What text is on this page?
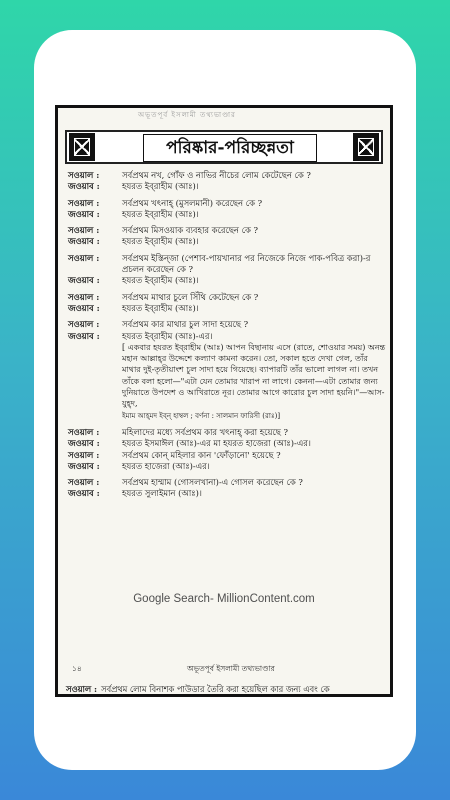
অভূতপূর্ব ইসলামী তথ্যভাণ্ডার
পরিষ্কার-পরিচ্ছন্নতা
সওয়াল :	সর্বপ্রথম নখ, গোঁফ ও নাভির নীচের লোম কেটেছেন কে ?
জওয়াব :	হযরত ইব্‌রাহীম (আঃ)।
সওয়াল :	সর্বপ্রথম খৎনাহ্ (মুসলমানী) করেছেন কে ?
জওয়াব :	হযরত ইব্‌রাহীম (আঃ)।
সওয়াল :	সর্বপ্রথম মিসওয়াক ব্যবহার করেছেন কে ?
জওয়াব :	হযরত ইব্‌রাহীম (আঃ)।
সওয়াল :	সর্বপ্রথম ইস্তিন্‌জা (পেশাব-পায়খানার পর নিজেকে নিজে পাক-পবিত্র করা)-র প্রচলন করেছেন কে ?
জওয়াব :	হযরত ইব্‌রাহীম (আঃ)।
সওয়াল :	সর্বপ্রথম মাথার চুলে সিঁথি কেটেছেন কে ?
জওয়াব :	হযরত ইব্‌রাহীম (আঃ)।
সওয়াল :	সর্বপ্রথম কার মাথার চুল সাদা হয়েছে ?
জওয়াব :	হযরত ইব্‌রাহীম (আঃ)-এর।
[ একবার হযরত ইব্‌রাহীম (আঃ) আপন বিছানায় এসে (রাতে, শোওয়ার সময়) অনন্ত মহান আল্লাহ্‌র উদ্দেশে কল্যাণ কামনা করেন। তো, সকাল হতে দেখা গেল, তাঁর মাথার দুই-তৃতীয়াংশ চুল সাদা হয়ে গিয়েছে। ব্যাপারটি তাঁর ভালো লাগল না। তখন তাঁকে বলা হলো—"এটা যেন তোমার খারাপ না লাগে। কেননা—এটা তোমার জন্য দুনিয়াতে উপদেশ ও আখিরাতে নূর। তোমার আগে কারোর চুল সাদা হয়নি।"—আস-যুহ্‌দ,
ইমাম আহ্‌মদ ইব্‌ন্ হাম্বল ; বর্ণনা : সালমান ফারিসী (রাঃ)]
সওয়াল :	মহিলাদের মধ্যে সর্বপ্রথম কার খৎনাহ্ করা হয়েছে ?
জওয়াব :	হযরত ইসমাঈল (আঃ)-এর মা হযরত হাজেরা (আঃ)-এর।
সওয়াল :	সর্বপ্রথম কোন্ মহিলার কান 'ফোঁড়ানো' হয়েছে ?
জওয়াব :	হযরত হাজেরা (আঃ)-এর।
সওয়াল :	সর্বপ্রথম হাম্মাম (গোসলখানা)-এ গোসল করেছেন কে ?
জওয়াব :	হযরত সুলাইমান (আঃ)।
Google Search- MillionContent.com
১৪	অভূতপূর্ব ইসলামী তথ্যভাণ্ডার
সওয়াল : সর্বপ্রথম লোম বিনাশক পাউডার তৈরি করা হয়েছিল কার জন্য এবং কে
